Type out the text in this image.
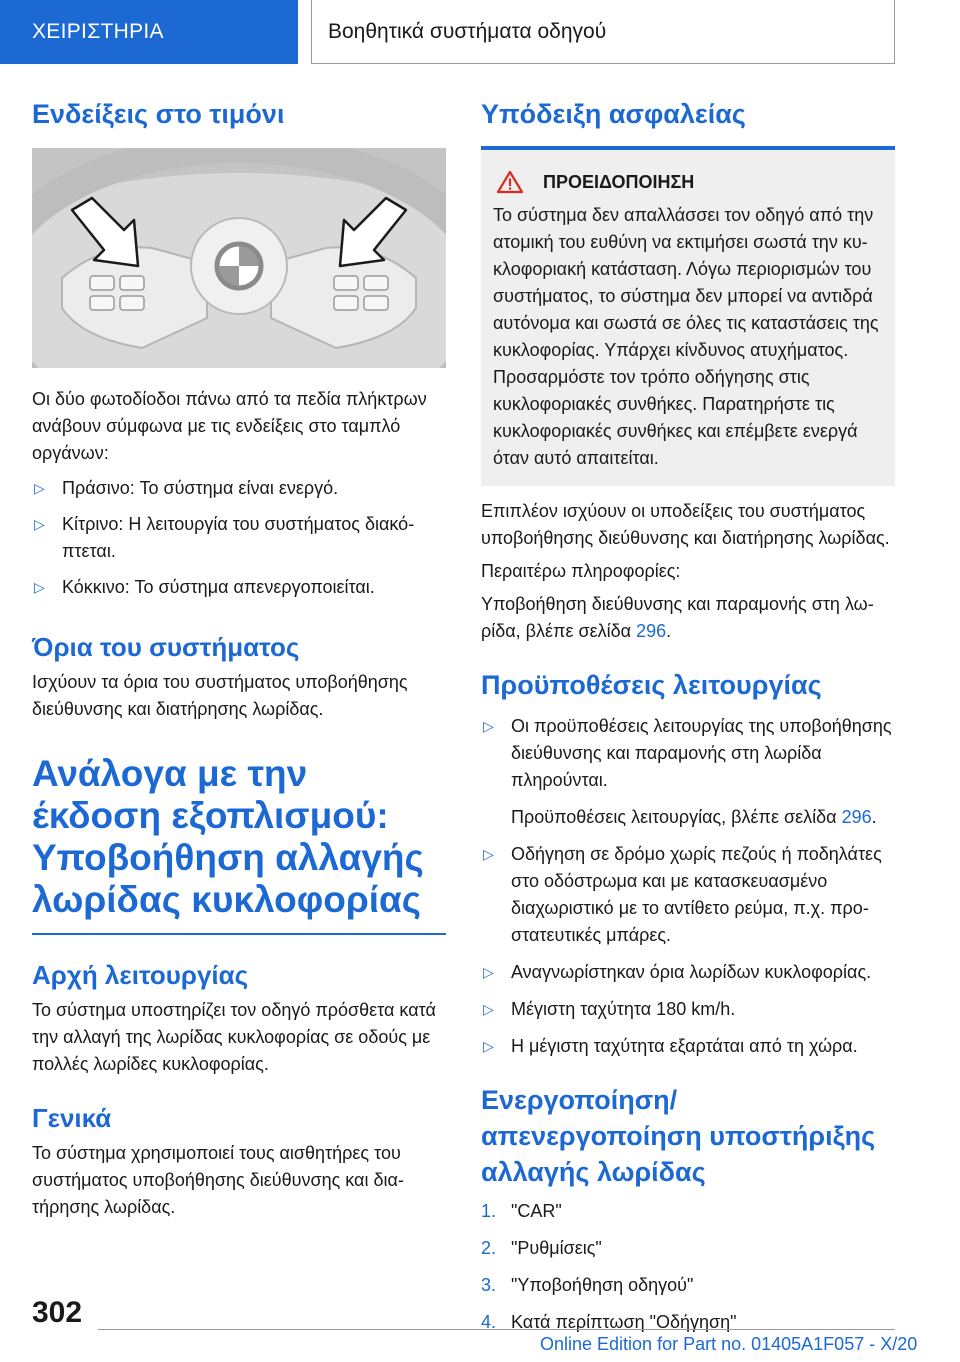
ΧΕΙΡΙΣΤΗΡΙΑ	Βοηθητικά συστήματα οδηγού
Ενδείξεις στο τιμόνι

Οι δύο φωτοδίοδοι πάνω από τα πεδία πλήκτρων ανάβουν σύμφωνα με τις ενδείξεις στο ταμπλό οργάνων:

▷ Πράσινο: Το σύστημα είναι ενεργό.
▷ Κίτρινο: Η λειτουργία του συστήματος διακόπτεται.
▷ Κόκκινο: Το σύστημα απενεργοποιείται.
Όρια του συστήματος

Ισχύουν τα όρια του συστήματος υποβοήθησης διεύθυνσης και διατήρησης λωρίδας.

Ανάλογα με την έκδοση εξοπλισμού: Υποβοήθηση αλλαγής λωρίδας κυκλοφορίας
Αρχή λειτουργίας

Το σύστημα υποστηρίζει τον οδηγό πρόσθετα κατά την αλλαγή της λωρίδας κυκλοφορίας σε οδούς με πολλές λωρίδες κυκλοφορίας.

Γενικά

Το σύστημα χρησιμοποιεί τους αισθητήρες του συστήματος υποβοήθησης διεύθυνσης και διατήρησης λωρίδας.

Υπόδειξη ασφαλείας
ΠΡΟΕΙΔΟΠΟΙΗΣΗ

Το σύστημα δεν απαλλάσσει τον οδηγό από την ατομική του ευθύνη να εκτιμήσει σωστά την κυκλοφοριακή κατάσταση. Λόγω περιορισμών του συστήματος, το σύστημα δεν μπορεί να αντιδρά αυτόνομα και σωστά σε όλες τις καταστάσεις της κυκλοφορίας. Υπάρχει κίνδυνος ατυχήματος. Προσαρμόστε τον τρόπο οδήγησης στις κυκλοφοριακές συνθήκες. Παρατηρήστε τις κυκλοφοριακές συνθήκες και επέμβετε ενεργά όταν αυτό απαιτείται.

Επιπλέον ισχύουν οι υποδείξεις του συστήματος υποβοήθησης διεύθυνσης και διατήρησης λωρίδας.

Περαιτέρω πληροφορίες:

Υποβοήθηση διεύθυνσης και παραμονής στη λωρίδα, βλέπε σελίδα 296.

Προϋποθέσεις λειτουργίας
▷ Οι προϋποθέσεις λειτουργίας της υποβοήθησης διεύθυνσης και παραμονής στη λωρίδα πληρούνται.
Προϋποθέσεις λειτουργίας, βλέπε σελίδα 296.
▷ Οδήγηση σε δρόμο χωρίς πεζούς ή ποδηλάτες στο οδόστρωμα και με κατασκευασμένο διαχωριστικό με το αντίθετο ρεύμα, π.χ. προστατευτικές μπάρες.
▷ Αναγνωρίστηκαν όρια λωρίδων κυκλοφορίας.
▷ Μέγιστη ταχύτητα 180 km/h.
▷ Η μέγιστη ταχύτητα εξαρτάται από τη χώρα.
Ενεργοποίηση/απενεργοποίηση υποστήριξης αλλαγής λωρίδας
1. "CAR"
2. "Ρυθμίσεις"
3. "Υποβοήθηση οδηγού"
4. Κατά περίπτωση "Οδήγηση"
302
Online Edition for Part no. 01405A1F057 - X/20
